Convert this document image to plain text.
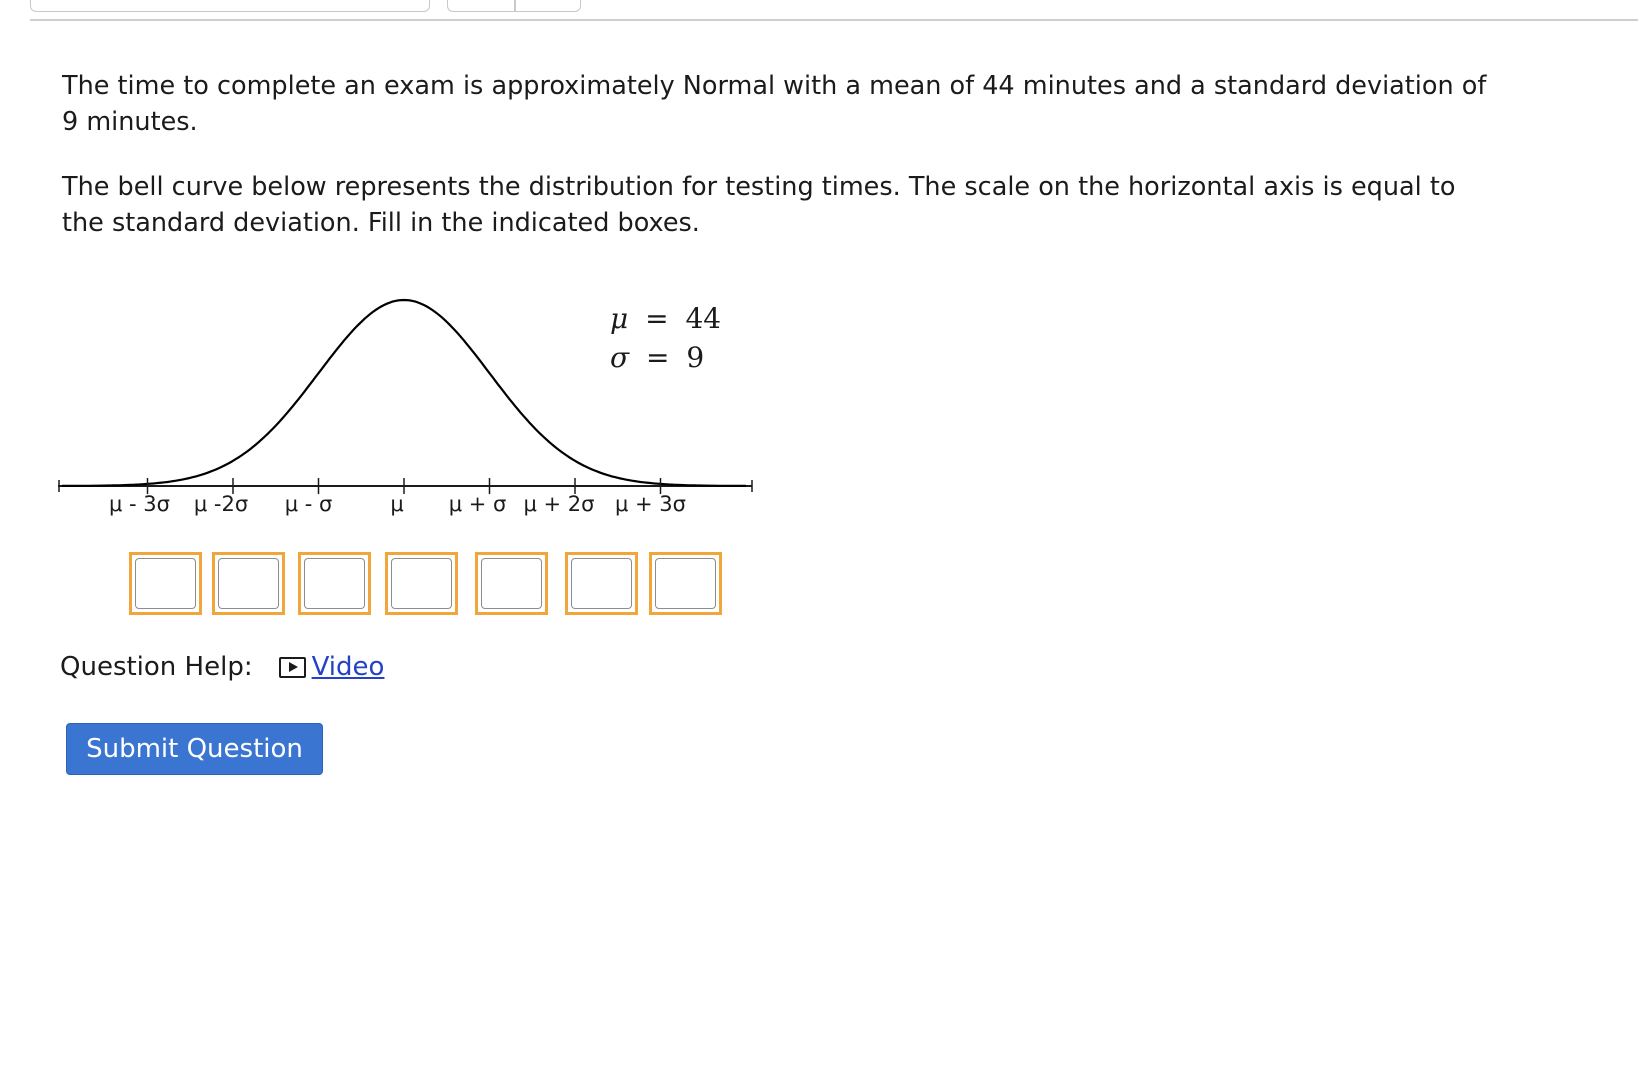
The time to complete an exam is approximately Normal with a mean of 44 minutes and a standard deviation of 9 minutes.

The bell curve below represents the distribution for testing times. The scale on the horizontal axis is equal to the standard deviation. Fill in the indicated boxes.

μ - 3σ μ -2σ μ - σ	μ μ + σ μ + 2σ μ + 3σ
μ = 44
σ = 9
Question Help: Video
Submit Question
